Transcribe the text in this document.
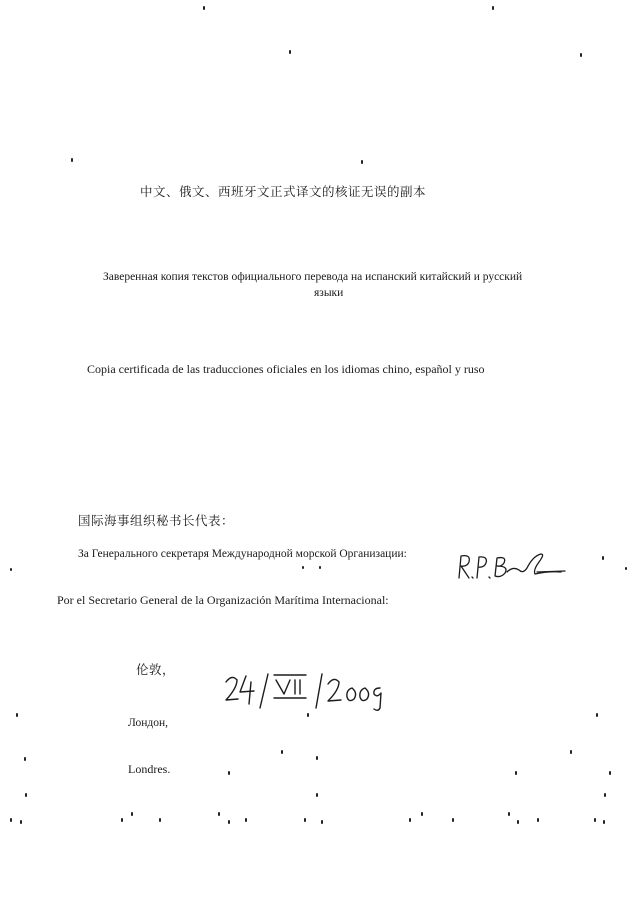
中文、俄文、西班牙文正式译文的核证无误的副本
Заверенная копия текстов официального перевода на испанский китайский и русский
языки
Copia certificada de las traducciones oficiales en los idiomas chino, español y ruso
国际海事组织秘书长代表：
За Генерального секретаря Международной морской Организации:
Por el Secretario General de la Organización Marítima Internacional:
伦敦，
Лондон,
Londres.
